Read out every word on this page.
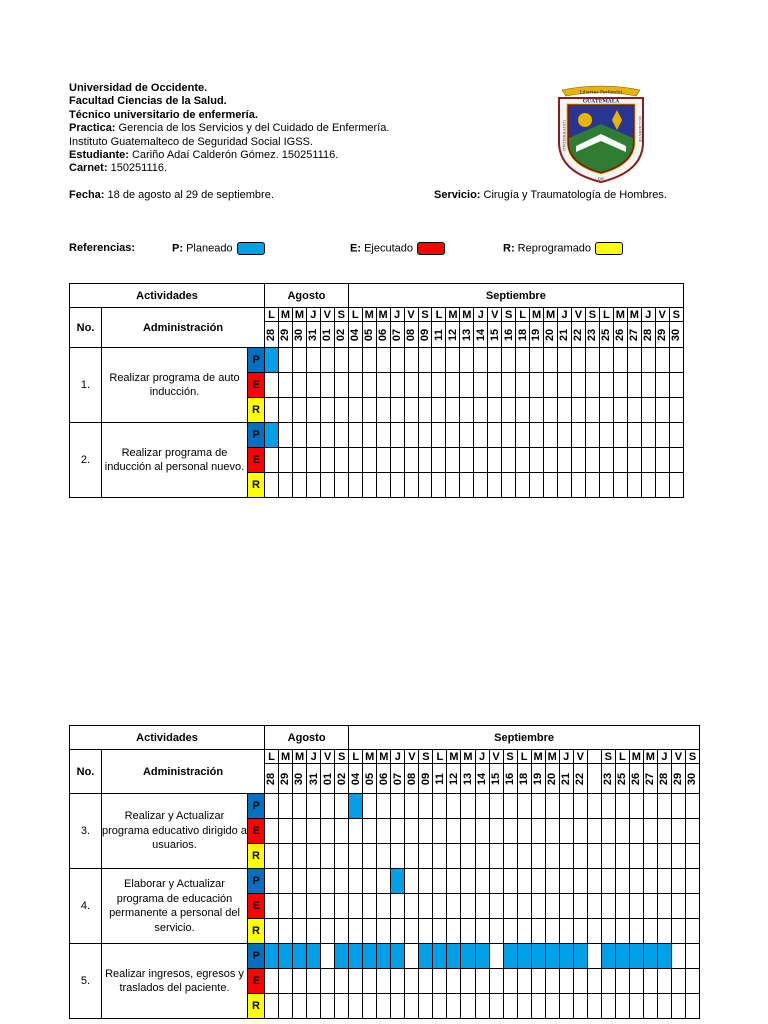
Universidad de Occidente.
Facultad Ciencias de la Salud.
Técnico universitario de enfermería.
Practica: Gerencia de los Servicios y del Cuidado de Enfermería.
Instituto Guatemalteco de Seguridad Social IGSS.
Estudiante: Cariño Adaí Calderón Gómez. 150251116.
Carnet: 150251116.
Libertas Perfundet
GUATEMALA
UNIVERSIDAD	OCCIDENTE
DE
Fecha: 18 de agosto al 29 de septiembre.	Servicio: Cirugía y Traumatología de Hombres.
Referencias:	P: Planeado	E: Ejecutado	R: Reprogramado
Actividades			Agosto						Septiembre																							
No.	Administración		L	M	M	J	V	S	L	M	M	J	V	S	L	M	M	J	V	S	L	M	M	J	V	S	L	M	M	J	V	S
			28	29	30	31	01	02	04	05	06	07	08	09	11	12	13	14	15	16	18	19	20	21	22	23	25	26	27	28	29	30
1.	Realizar programa de auto inducción.	P																														
		E																														
		R																														
2.	Realizar programa de inducción al personal nuevo.	P																														
		E																														
		R																														
Actividades			Agosto						Septiembre																								
No.	Administración		L	M	M	J	V	S	L	M	M	J	V	S	L	M	M	J	V	S	L	M	M	J	V		S	L	M	M	J	V	S
			28	29	30	31	01	02	04	05	06	07	08	09	11	12	13	14	15	16	18	19	20	21	22		23	25	26	27	28	29	30
3.	Realizar y Actualizar programa educativo dirigido a usuarios.	P																															
		E																															
		R																															
4.	Elaborar y Actualizar programa de educación permanente a personal del servicio.	P																															
		E																															
		R																															
5.	Realizar ingresos, egresos y traslados del paciente.	P																															
		E																															
		R																															
